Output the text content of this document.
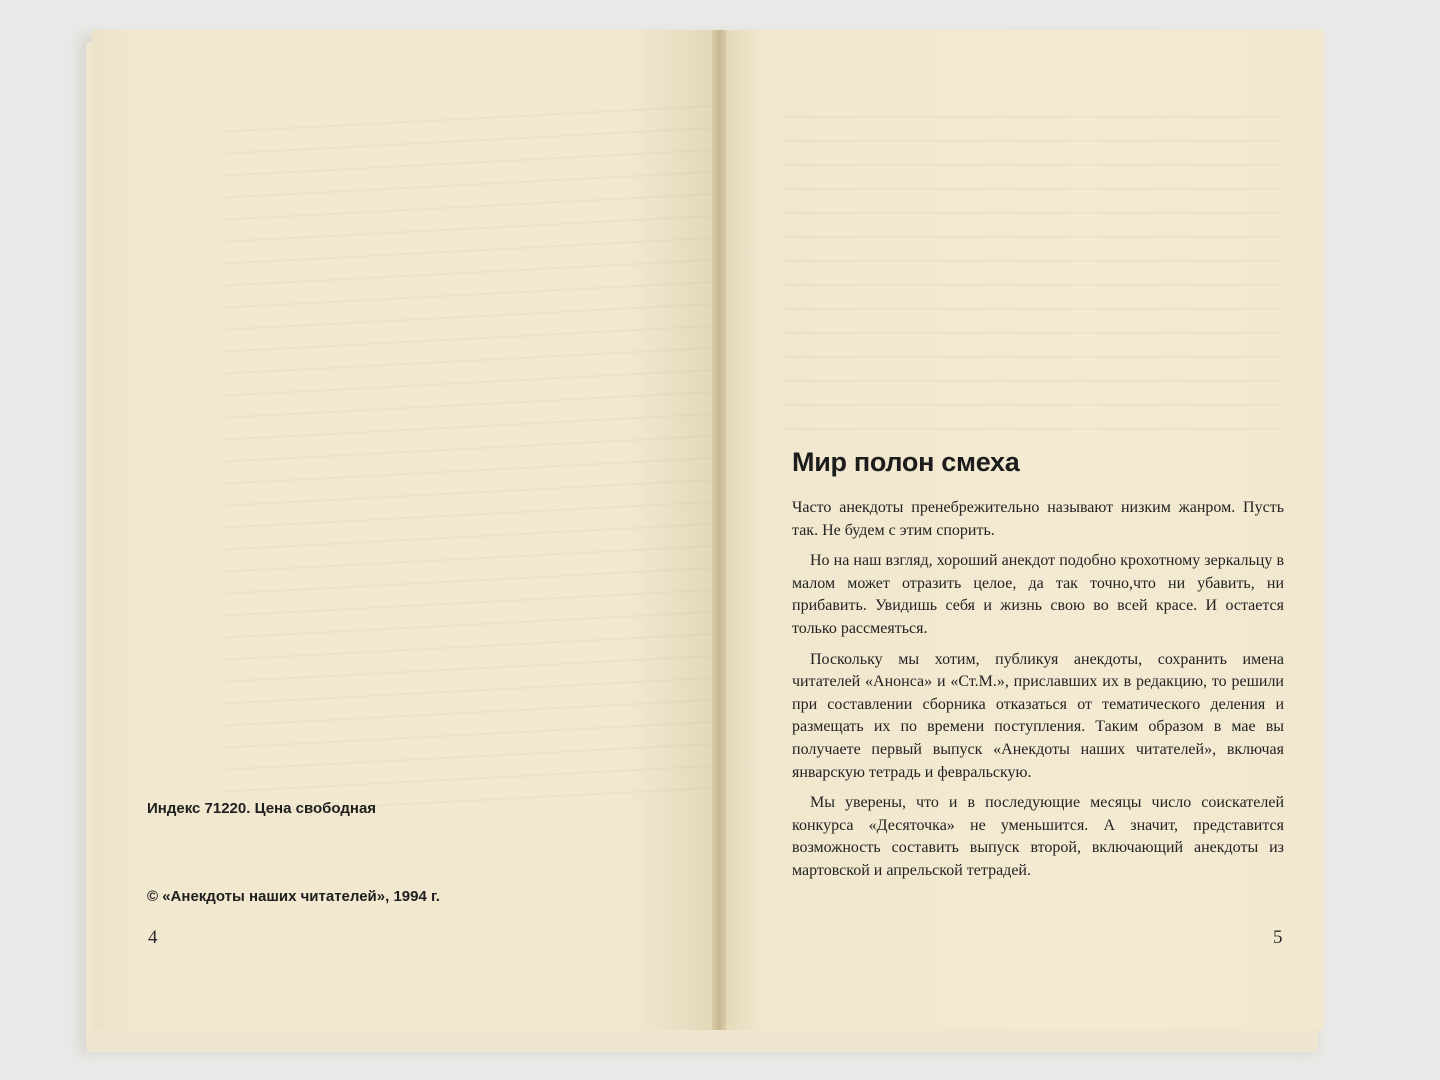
Индекс 71220. Цена свободная
© «Анекдоты наших читателей», 1994 г.
4
Мир полон смеха

Часто анекдоты пренебрежительно называют низким жанром. Пусть так. Не будем с этим спорить.

Но на наш взгляд, хороший анекдот подобно крохотному зеркальцу в малом может отразить целое, да так точно,что ни убавить, ни прибавить. Увидишь себя и жизнь свою во всей красе. И остается только рассмеяться.

Поскольку мы хотим, публикуя анекдоты, сохранить имена читателей «Анонса» и «Ст.М.», приславших их в редакцию, то решили при составлении сборника отказаться от тематического деления и размещать их по времени поступления. Таким образом в мае вы получаете первый выпуск «Анекдоты наших читателей», включая январскую тетрадь и февральскую.

Мы уверены, что и в последующие месяцы число соискателей конкурса «Десяточка» не уменьшится. А значит, представится возможность составить выпуск второй, включающий анекдоты из мартовской и апрельской тетрадей.

5
